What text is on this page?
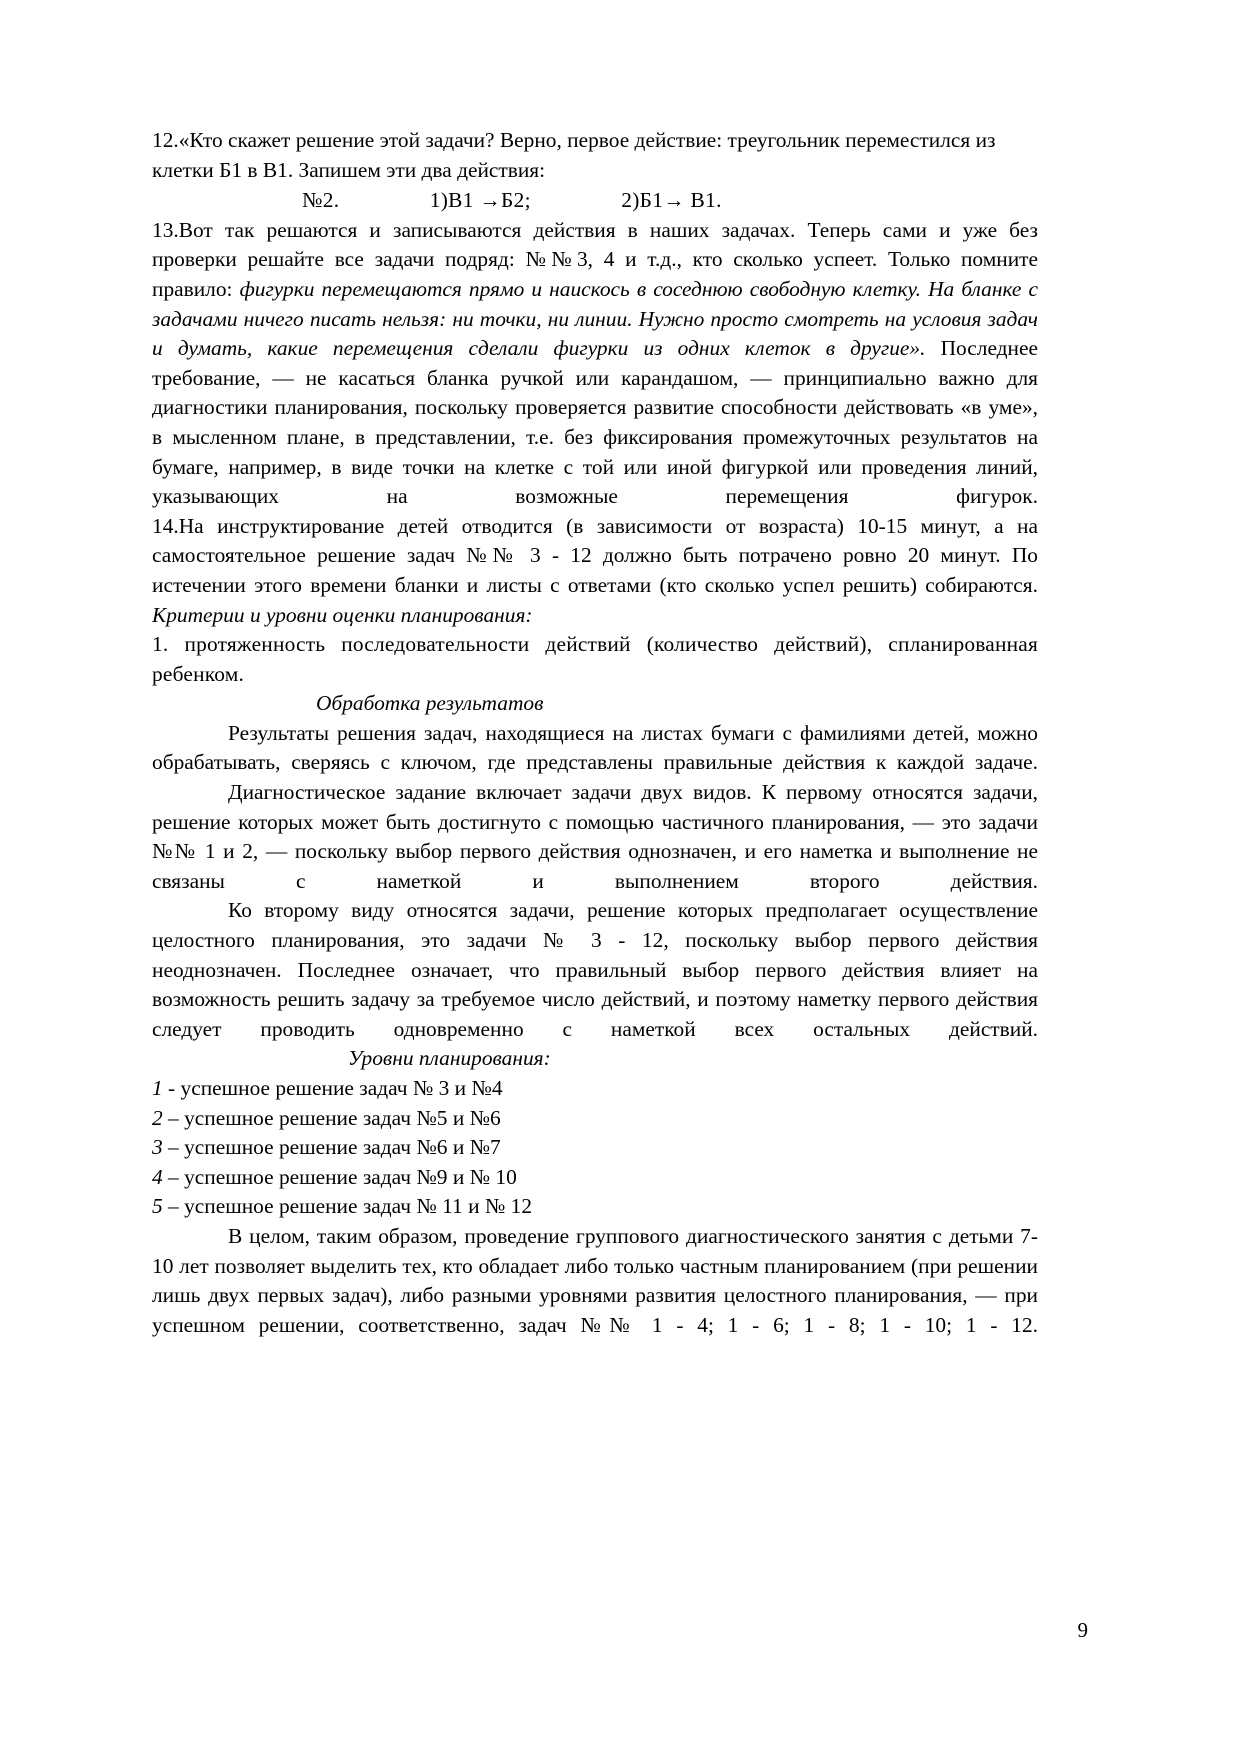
12.«Кто скажет решение этой задачи? Верно, первое действие: треугольник переместился из клетки Б1 в В1. Запишем эти два действия:

№2.                1)В1 →Б2;                2)Б1→ В1.

13.Вот так решаются и записываются действия в наших задачах. Теперь сами и уже без проверки решайте все задачи подряд: №№3, 4 и т.д., кто сколько успеет. Только помните правило: фигурки перемещаются прямо и наискось в соседнюю свободную клетку. На бланке с задачами ничего писать нельзя: ни точки, ни линии. Нужно просто смотреть на условия задач и думать, какие перемещения сделали фигурки из одних клеток в другие». Последнее требование, — не касаться бланка ручкой или карандашом, — принципиально важно для диагностики планирования, поскольку проверяется развитие способности действовать «в уме», в мысленном плане, в представлении, т.е. без фиксирования промежуточных результатов на бумаге, например, в виде точки на клетке с той или иной фигуркой или проведения линий, указывающих на возможные перемещения фигурок.

14.На инструктирование детей отводится (в зависимости от возраста) 10-15 минут, а на самостоятельное решение задач №№ 3 - 12 должно быть потрачено ровно 20 минут. По истечении этого времени бланки и листы с ответами (кто сколько успел решить) собираются.

Критерии и уровни оценки планирования:

1. протяженность последовательности действий (количество действий), спланированная ребенком.

Обработка результатов

Результаты решения задач, находящиеся на листах бумаги с фамилиями детей, можно обрабатывать, сверяясь с ключом, где представлены правильные действия к каждой задаче.

Диагностическое задание включает задачи двух видов. К первому относятся задачи, решение которых может быть достигнуто с помощью частичного планирования, — это задачи №№ 1 и 2, — поскольку выбор первого действия однозначен, и его наметка и выполнение не связаны с наметкой и выполнением второго действия.

Ко второму виду относятся задачи, решение которых предполагает осуществление целостного планирования, это задачи № 3 - 12, поскольку выбор первого действия неоднозначен. Последнее означает, что правильный выбор первого действия влияет на возможность решить задачу за требуемое число действий, и поэтому наметку первого действия следует проводить одновременно с наметкой всех остальных действий.

Уровни планирования:

1 - успешное решение задач № 3 и №4

2 – успешное решение задач №5 и №6

3 – успешное решение задач №6 и №7

4 – успешное решение задач №9 и № 10

5 – успешное решение задач № 11 и № 12

В целом, таким образом, проведение группового диагностического занятия с детьми 7-10 лет позволяет выделить тех, кто обладает либо только частным планированием (при решении лишь двух первых задач), либо разными уровнями развития целостного планирования, — при успешном решении, соответственно, задач №№ 1 - 4; 1 - 6; 1 - 8; 1 - 10; 1 - 12.

9
